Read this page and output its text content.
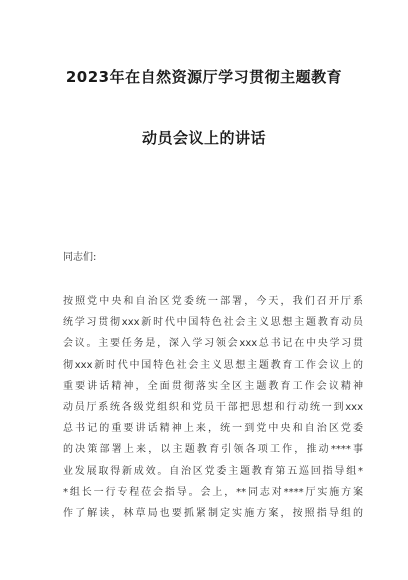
2023年在自然资源厅学习贯彻主题教育
动员会议上的讲话
同志们:
按照党中央和自治区党委统一部署，今天，我们召开厅系
统学习贯彻xxx新时代中国特色社会主义思想主题教育动员
会议。主要任务是，深入学习领会xxx总书记在中央学习贯
彻xxx新时代中国特色社会主义思想主题教育工作会议上的
重要讲话精神，全面贯彻落实全区主题教育工作会议精神
动员厅系统各级党组织和党员干部把思想和行动统一到xxx
总书记的重要讲话精神上来，统一到党中央和自治区党委
的决策部署上来，以主题教育引领各项工作，推动****事
业发展取得新成效。自治区党委主题教育第五巡回指导组*
*组长一行专程莅会指导。会上，**同志对****厅实施方案
作了解读，林草局也要抓紧制定实施方案，按照指导组的
